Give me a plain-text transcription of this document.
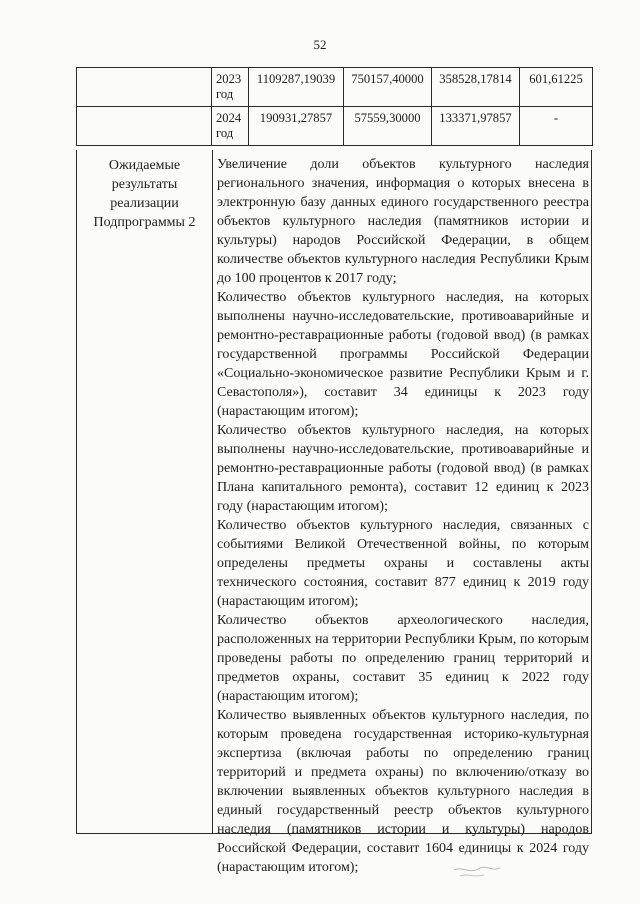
52
	2023 год	1109287,19039	750157,40000	358528,17814	601,61225
	2024 год	190931,27857	57559,30000	133371,97857	-
Ожидаемые результаты реализации Подпрограммы 2

Увеличение доли объектов культурного наследия регионального значения, информация о которых внесена в электронную базу данных единого государственного реестра объектов культурного наследия (памятников истории и культуры) народов Российской Федерации, в общем количестве объектов культурного наследия Республики Крым до 100 процентов к 2017 году;

Количество объектов культурного наследия, на которых выполнены научно-исследовательские, противоаварийные и ремонтно-реставрационные работы (годовой ввод) (в рамках государственной программы Российской Федерации «Социально-экономическое развитие Республики Крым и г. Севастополя»), составит 34 единицы к 2023 году (нарастающим итогом);

Количество объектов культурного наследия, на которых выполнены научно-исследовательские, противоаварийные и ремонтно-реставрационные работы (годовой ввод) (в рамках Плана капитального ремонта), составит 12 единиц к 2023 году (нарастающим итогом);

Количество объектов культурного наследия, связанных с событиями Великой Отечественной войны, по которым определены предметы охраны и составлены акты технического состояния, составит 877 единиц к 2019 году (нарастающим итогом);

Количество объектов археологического наследия, расположенных на территории Республики Крым, по которым проведены работы по определению границ территорий и предметов охраны, составит 35 единиц к 2022 году (нарастающим итогом);

Количество выявленных объектов культурного наследия, по которым проведена государственная историко-культурная экспертиза (включая работы по определению границ территорий и предмета охраны) по включению/отказу во включении выявленных объектов культурного наследия в единый государственный реестр объектов культурного наследия (памятников истории и культуры) народов Российской Федерации, составит 1604 единицы к 2024 году (нарастающим итогом);
